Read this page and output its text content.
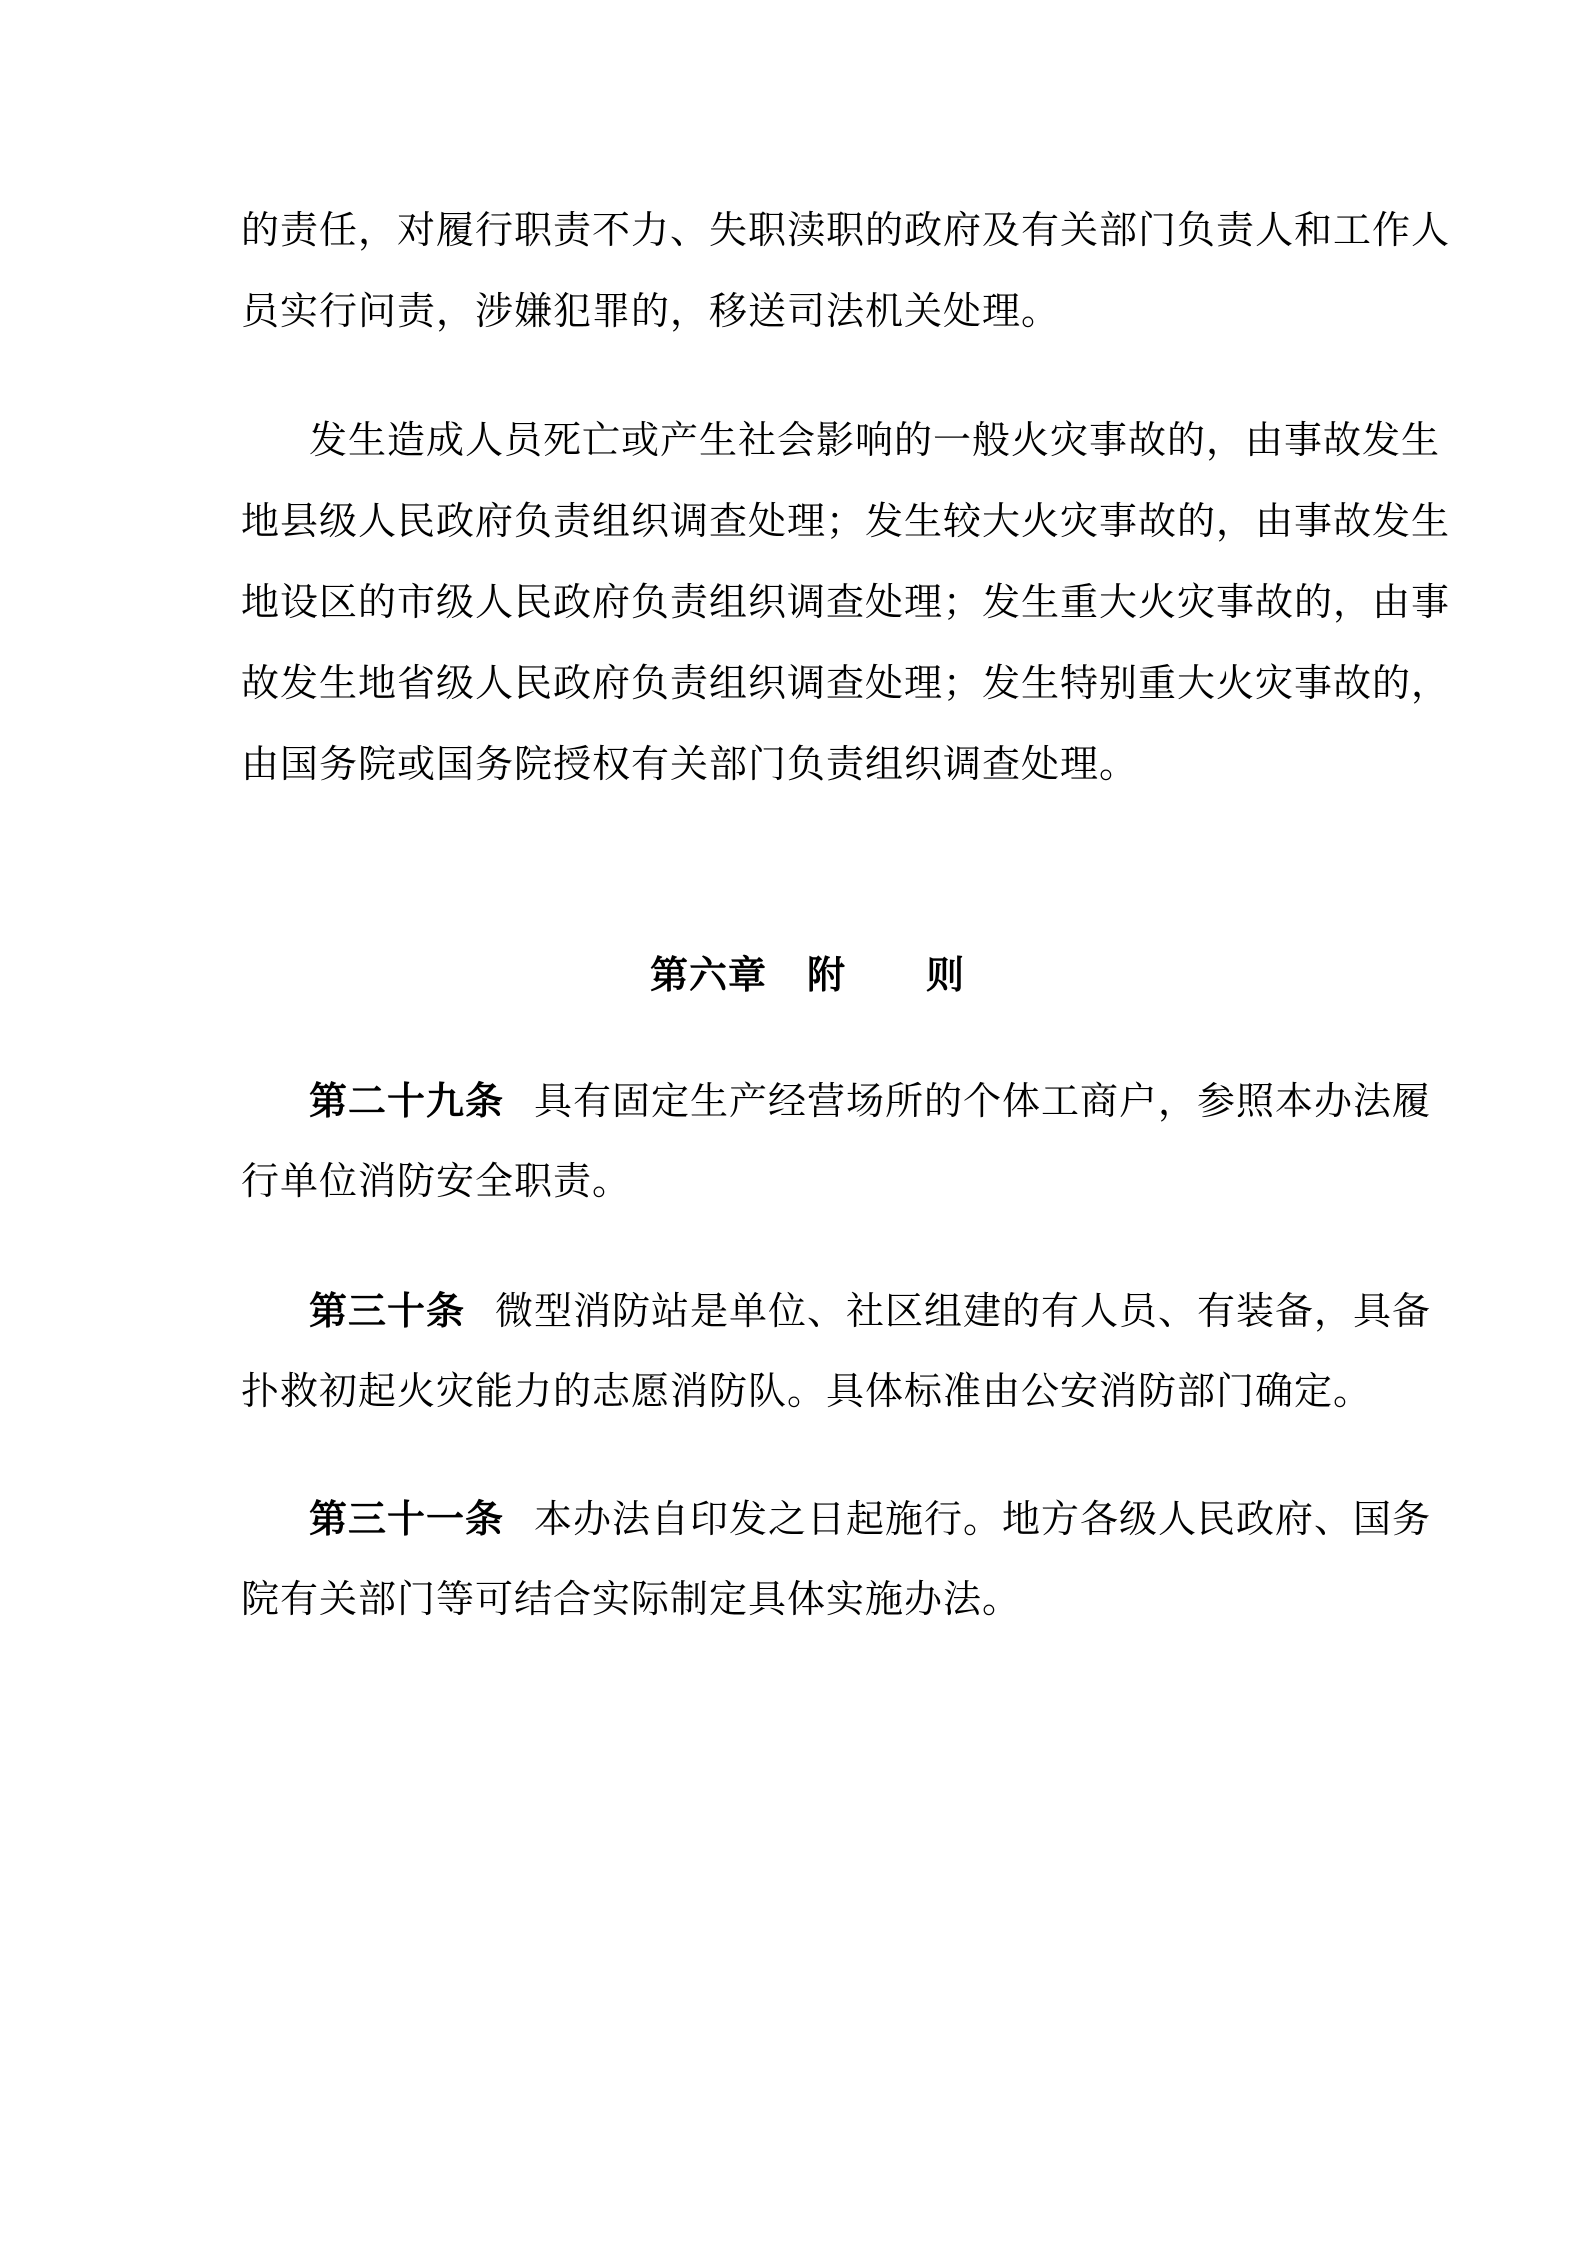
的责任，对履行职责不力、失职渎职的政府及有关部门负责人和工作人
员实行问责，涉嫌犯罪的，移送司法机关处理。
发生造成人员死亡或产生社会影响的一般火灾事故的，由事故发生
地县级人民政府负责组织调查处理；发生较大火灾事故的，由事故发生
地设区的市级人民政府负责组织调查处理；发生重大火灾事故的，由事
故发生地省级人民政府负责组织调查处理；发生特别重大火灾事故的，
由国务院或国务院授权有关部门负责组织调查处理。
第六章 附 则
第二十九条 具有固定生产经营场所的个体工商户，参照本办法履
行单位消防安全职责。
第三十条 微型消防站是单位、社区组建的有人员、有装备，具备
扑救初起火灾能力的志愿消防队。具体标准由公安消防部门确定。
第三十一条 本办法自印发之日起施行。地方各级人民政府、国务
院有关部门等可结合实际制定具体实施办法。
